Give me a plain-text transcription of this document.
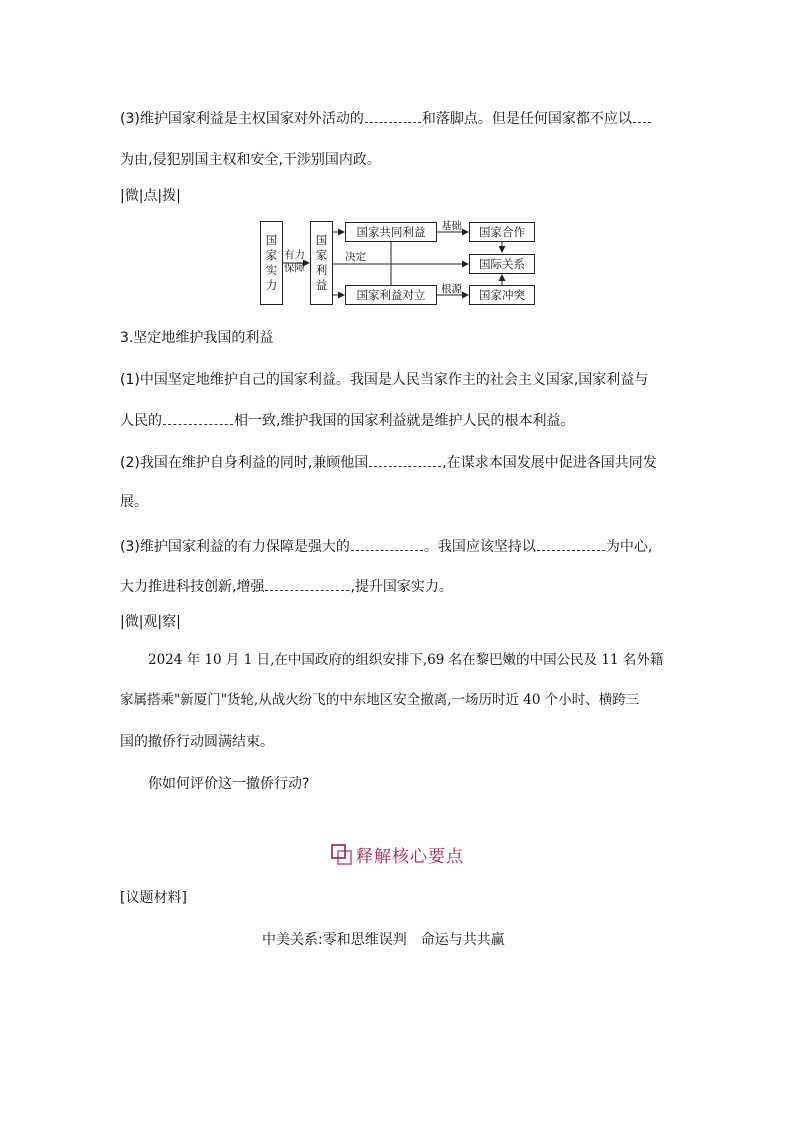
(3)维护国家利益是主权国家对外活动的	和落脚点。但是任何国家都不应以
为由,侵犯别国主权和安全,干涉别国内政。
|微|点|拨|
国
家
实
力
有力
保障
国
家
利
益
决定
国家共同利益
国家利益对立
基础
根源
国家合作
国际关系
国家冲突
3.坚定地维护我国的利益
(1)中国坚定地维护自己的国家利益。我国是人民当家作主的社会主义国家,国家利益与
人民的	相一致,维护我国的国家利益就是维护人民的根本利益。
(2)我国在维护自身利益的同时,兼顾他国	,在谋求本国发展中促进各国共同发
展。
(3)维护国家利益的有力保障是强大的	。我国应该坚持以	为中心,
大力推进科技创新,增强	,提升国家实力。
|微|观|察|
2024 年 10 月 1 日,在中国政府的组织安排下,69 名在黎巴嫩的中国公民及 11 名外籍
家属搭乘"新厦门"货轮,从战火纷飞的中东地区安全撤离,一场历时近 40 个小时、横跨三
国的撤侨行动圆满结束。
你如何评价这一撤侨行动?
释解核心要点
[议题材料]
中美关系:零和思维误判　命运与共共赢
